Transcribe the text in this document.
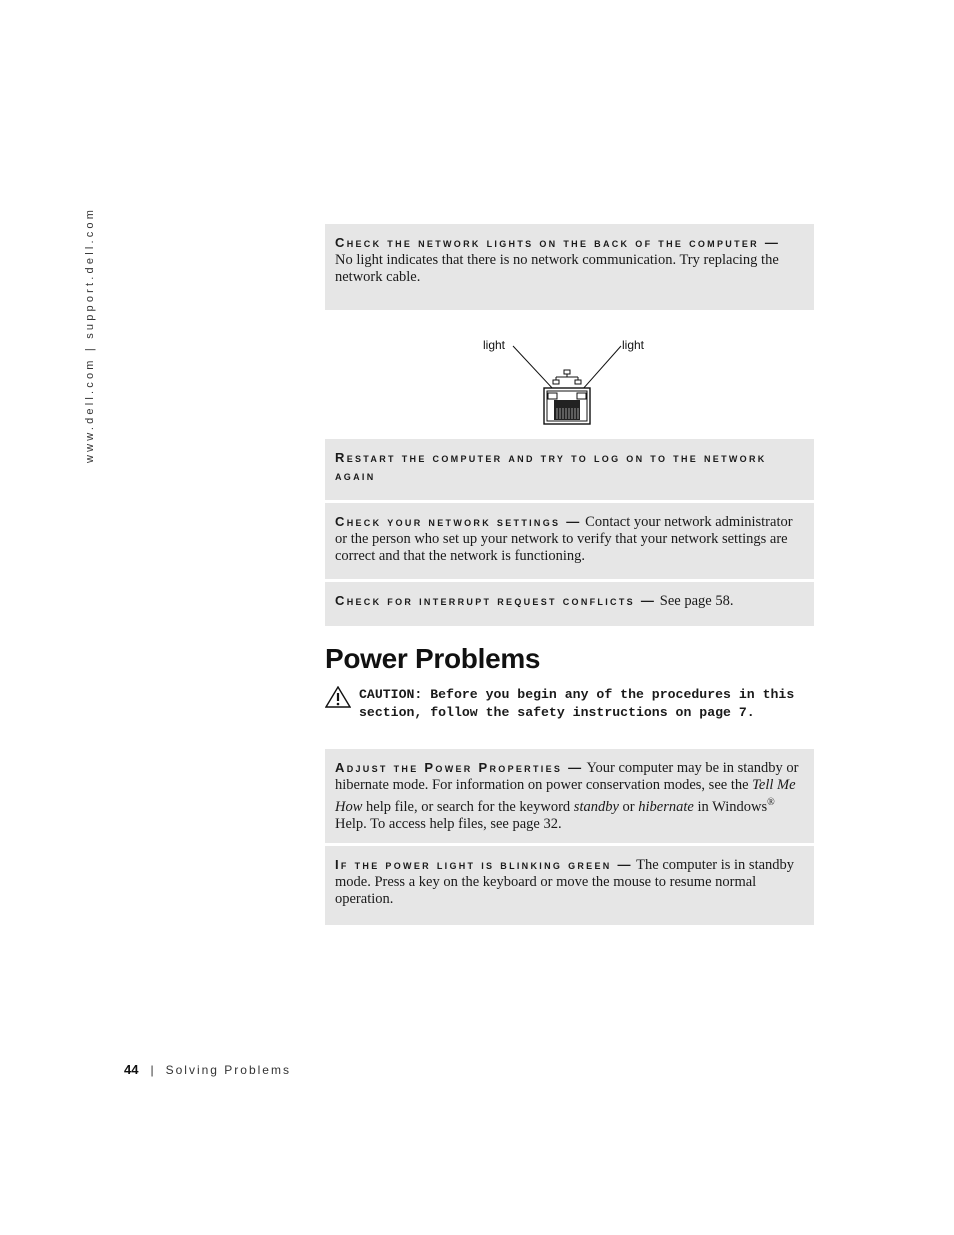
www.dell.com | support.dell.com	Check the network lights on the back of the computer —
No light indicates that there is no network communication. Try replacing the network cable.

light	light

Restart the computer and try to log on to the network again

Check your network settings — Contact your network administrator or the person who set up your network to verify that your network settings are correct and that the network is functioning.

Check for interrupt request conflicts — See page 58.

Power Problems
CAUTION: Before you begin any of the procedures in this section, follow the safety instructions on page 7.

Adjust the Power Properties — Your computer may be in standby or hibernate mode. For information on power conservation modes, see the Tell Me How help file, or search for the keyword standby or hibernate in Windows® Help. To access help files, see page 32.

If the power light is blinking green — The computer is in standby mode. Press a key on the keyboard or move the mouse to resume normal operation.

44 | Solving Problems
